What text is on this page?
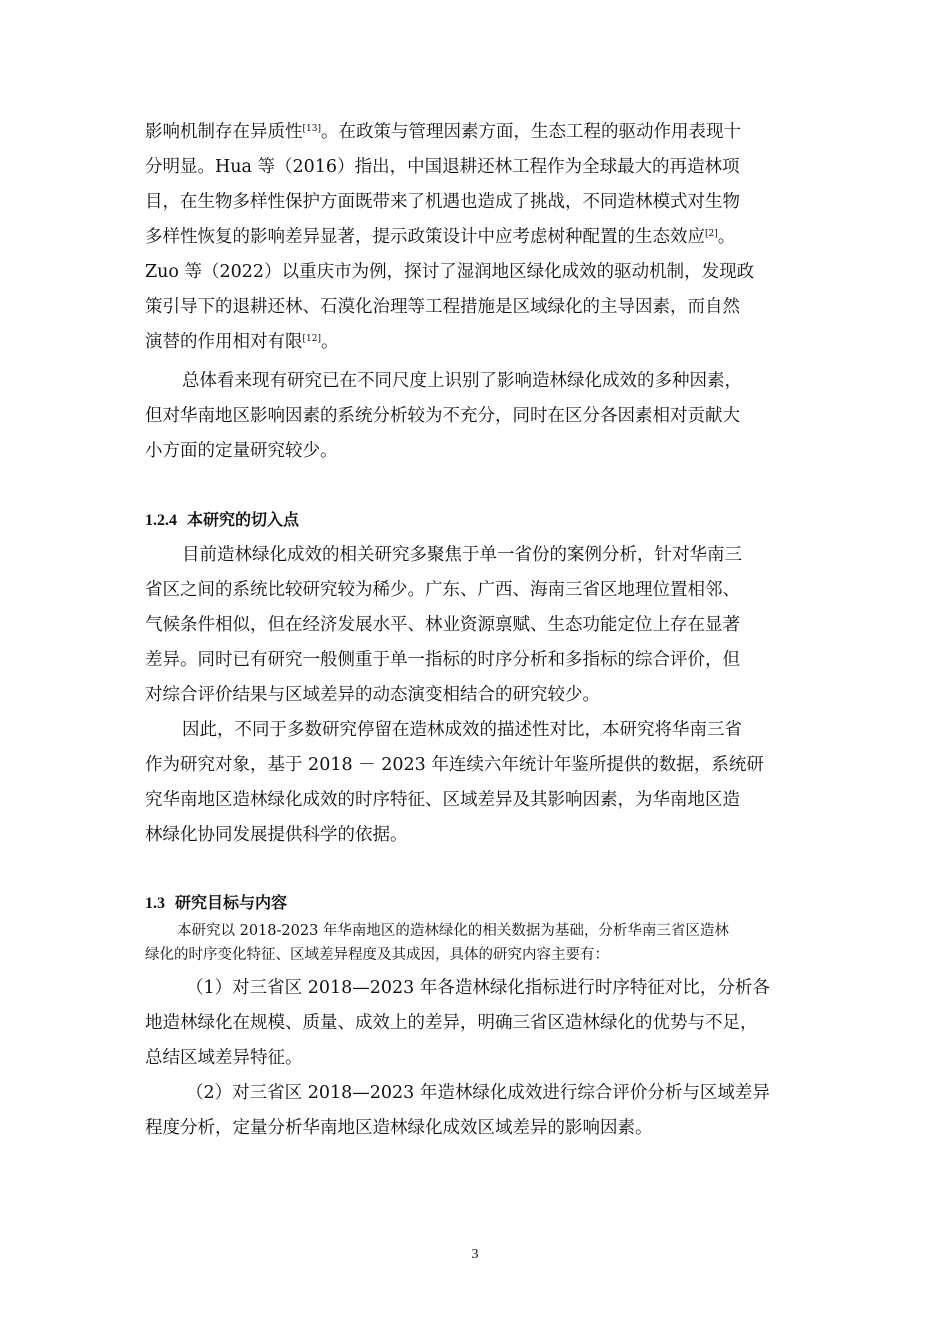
影响机制存在异质性[13]。在政策与管理因素方面，生态工程的驱动作用表现十
分明显。Hua 等（2016）指出，中国退耕还林工程作为全球最大的再造林项
目，在生物多样性保护方面既带来了机遇也造成了挑战，不同造林模式对生物
多样性恢复的影响差异显著，提示政策设计中应考虑树种配置的生态效应[2]。
Zuo 等（2022）以重庆市为例，探讨了湿润地区绿化成效的驱动机制，发现政
策引导下的退耕还林、石漠化治理等工程措施是区域绿化的主导因素，而自然
演替的作用相对有限[12]。
总体看来现有研究已在不同尺度上识别了影响造林绿化成效的多种因素，
但对华南地区影响因素的系统分析较为不充分，同时在区分各因素相对贡献大
小方面的定量研究较少。
1.2.4 本研究的切入点
目前造林绿化成效的相关研究多聚焦于单一省份的案例分析，针对华南三
省区之间的系统比较研究较为稀少。广东、广西、海南三省区地理位置相邻、
气候条件相似，但在经济发展水平、林业资源禀赋、生态功能定位上存在显著
差异。同时已有研究一般侧重于单一指标的时序分析和多指标的综合评价，但
对综合评价结果与区域差异的动态演变相结合的研究较少。
因此，不同于多数研究停留在造林成效的描述性对比，本研究将华南三省
作为研究对象，基于 2018 － 2023 年连续六年统计年鉴所提供的数据，系统研
究华南地区造林绿化成效的时序特征、区域差异及其影响因素，为华南地区造
林绿化协同发展提供科学的依据。
1.3 研究目标与内容
本研究以 2018-2023 年华南地区的造林绿化的相关数据为基础，分析华南三省区造林
绿化的时序变化特征、区域差异程度及其成因，具体的研究内容主要有：
（1）对三省区 2018—2023 年各造林绿化指标进行时序特征对比，分析各
地造林绿化在规模、质量、成效上的差异，明确三省区造林绿化的优势与不足，
总结区域差异特征。
（2）对三省区 2018—2023 年造林绿化成效进行综合评价分析与区域差异
程度分析，定量分析华南地区造林绿化成效区域差异的影响因素。
3
